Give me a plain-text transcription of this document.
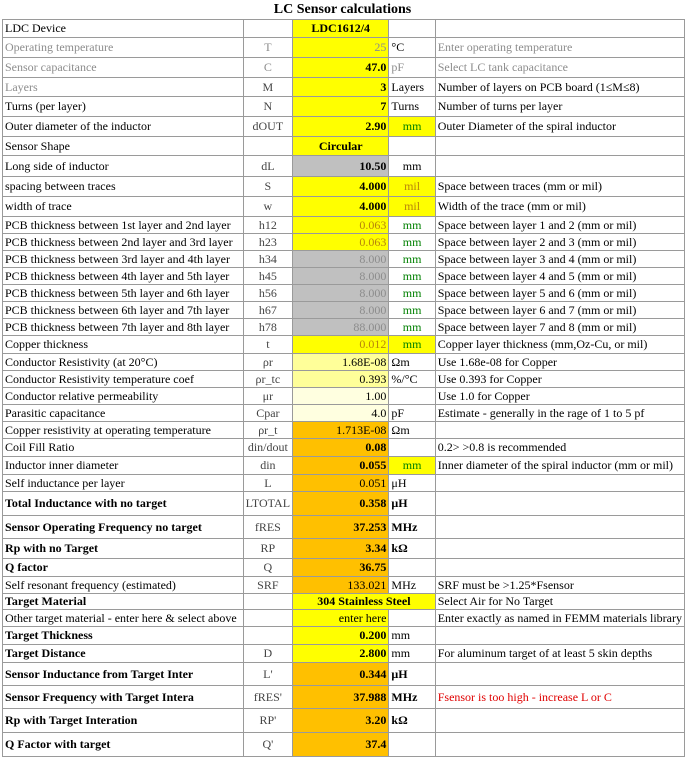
LC Sensor calculations
LDC Device		LDC1612/4		
Operating temperature	T	25	°C	Enter operating temperature
Sensor capacitance	C	47.0	pF	Select LC tank capacitance
Layers	M	3	Layers	Number of layers on PCB board (1≤M≤8)
Turns (per layer)	N	7	Turns	Number of turns per layer
Outer diameter of the inductor	dOUT	2.90	mm	Outer Diameter of the spiral inductor
Sensor Shape		Circular		
Long side of inductor	dL	10.50	mm	
spacing between traces	S	4.000	mil	Space between traces (mm or mil)
width of trace	w	4.000	mil	Width of the trace (mm or mil)
PCB thickness between 1st layer and 2nd layer	h12	0.063	mm	Space between layer 1 and 2 (mm or mil)
PCB thickness between 2nd layer and 3rd layer	h23	0.063	mm	Space between layer 2 and 3 (mm or mil)
PCB thickness between 3rd layer and 4th layer	h34	8.000	mm	Space between layer 3 and 4 (mm or mil)
PCB thickness between 4th layer and 5th layer	h45	8.000	mm	Space between layer 4 and 5 (mm or mil)
PCB thickness between 5th layer and 6th layer	h56	8.000	mm	Space between layer 5 and 6 (mm or mil)
PCB thickness between 6th layer and 7th layer	h67	8.000	mm	Space between layer 6 and 7 (mm or mil)
PCB thickness between 7th layer and 8th layer	h78	88.000	mm	Space between layer 7 and 8 (mm or mil)
Copper thickness	t	0.012	mm	Copper layer thickness (mm,Oz-Cu, or mil)
Conductor Resistivity (at 20°C)	ρr	1.68E-08	Ωm	Use 1.68e-08 for Copper
Conductor Resistivity temperature coef	ρr_tc	0.393	%/°C	Use 0.393 for Copper
Conductor relative permeability	μr	1.00		Use 1.0 for Copper
Parasitic capacitance	Cpar	4.0	pF	Estimate - generally in the rage of 1 to 5 pf
Copper resistivity at operating temperature	ρr_t	1.713E-08	Ωm	
Coil Fill Ratio	din/dout	0.08		0.2> >0.8 is recommended
Inductor inner diameter	din	0.055	mm	Inner diameter of the spiral inductor (mm or mil)
Self inductance per layer	L	0.051	μH	
Total Inductance with no target	LTOTAL	0.358	μH	
Sensor Operating Frequency no target	fRES	37.253	MHz	
Rp with no Target	RP	3.34	kΩ	
Q factor	Q	36.75		
Self resonant frequency (estimated)	SRF	133.021	MHz	SRF must be >1.25*Fsensor
Target Material		304 Stainless Steel		Select Air for No Target
Other target material - enter here & select above		enter here		Enter exactly as named in FEMM materials library
Target Thickness		0.200	mm	
Target Distance	D	2.800	mm	For aluminum target of at least 5 skin depths
Sensor Inductance from Target Inter	L'	0.344	μH	
Sensor Frequency with Target Intera	fRES'	37.988	MHz	Fsensor is too high - increase L or C
Rp with Target Interation	RP'	3.20	kΩ	
Q Factor with target	Q'	37.4		
